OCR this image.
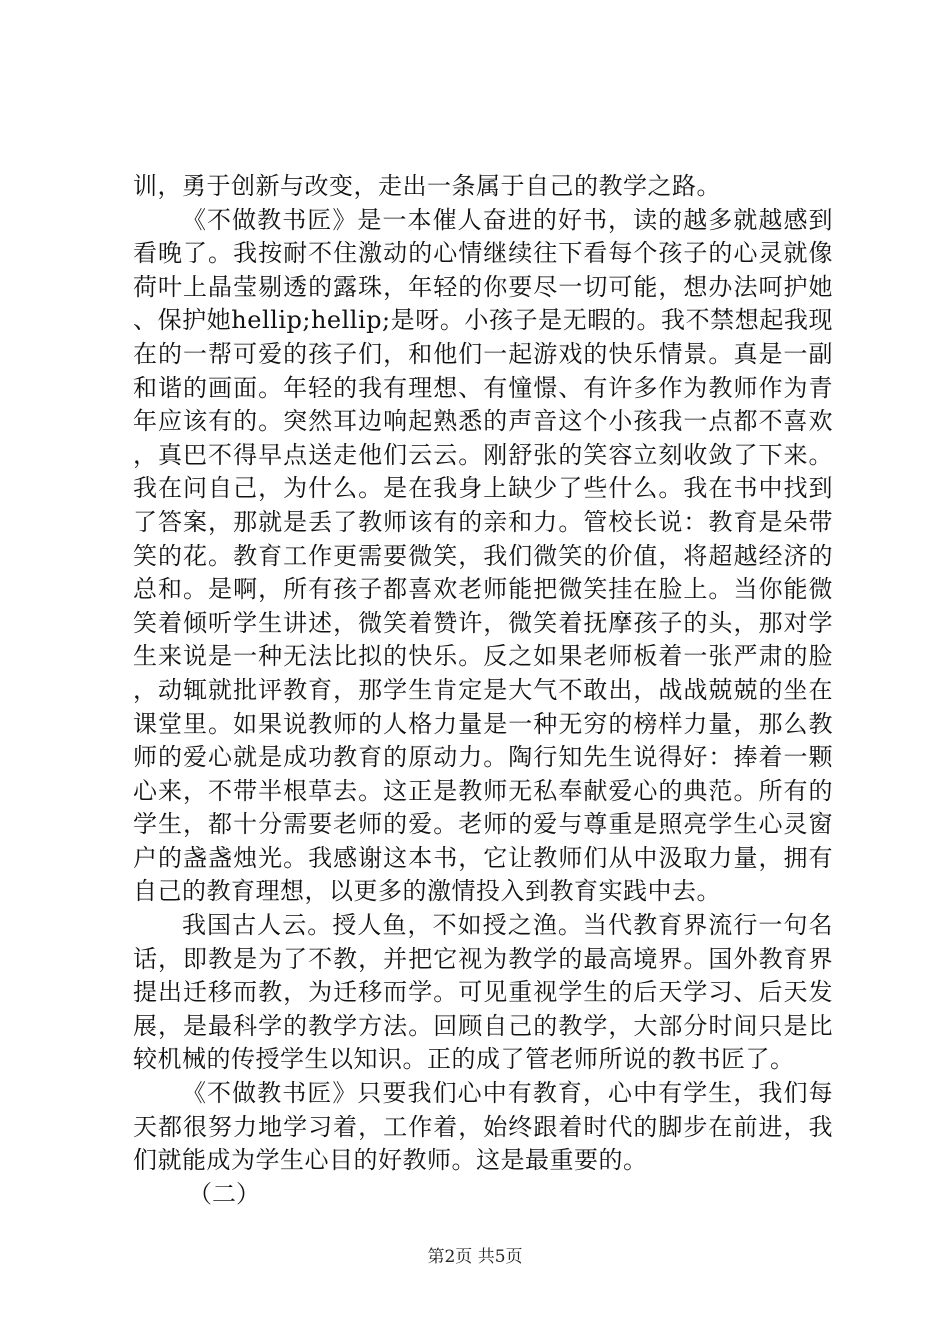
训，勇于创新与改变，走出一条属于自己的教学之路。

《不做教书匠》是一本催人奋进的好书，读的越多就越感到看晚了。我按耐不住激动的心情继续往下看每个孩子的心灵就像荷叶上晶莹剔透的露珠，年轻的你要尽一切可能，想办法呵护她、保护她hellip;hellip;是呀。小孩子是无暇的。我不禁想起我现在的一帮可爱的孩子们，和他们一起游戏的快乐情景。真是一副和谐的画面。年轻的我有理想、有憧憬、有许多作为教师作为青年应该有的。突然耳边响起熟悉的声音这个小孩我一点都不喜欢，真巴不得早点送走他们云云。刚舒张的笑容立刻收敛了下来。我在问自己，为什么。是在我身上缺少了些什么。我在书中找到了答案，那就是丢了教师该有的亲和力。管校长说：教育是朵带笑的花。教育工作更需要微笑，我们微笑的价值，将超越经济的总和。是啊，所有孩子都喜欢老师能把微笑挂在脸上。当你能微笑着倾听学生讲述，微笑着赞许，微笑着抚摩孩子的头，那对学生来说是一种无法比拟的快乐。反之如果老师板着一张严肃的脸，动辄就批评教育，那学生肯定是大气不敢出，战战兢兢的坐在课堂里。如果说教师的人格力量是一种无穷的榜样力量，那么教师的爱心就是成功教育的原动力。陶行知先生说得好：捧着一颗心来，不带半根草去。这正是教师无私奉献爱心的典范。所有的学生，都十分需要老师的爱。老师的爱与尊重是照亮学生心灵窗户的盏盏烛光。我感谢这本书，它让教师们从中汲取力量，拥有自己的教育理想，以更多的激情投入到教育实践中去。

我国古人云。授人鱼，不如授之渔。当代教育界流行一句名话，即教是为了不教，并把它视为教学的最高境界。国外教育界提出迁移而教，为迁移而学。可见重视学生的后天学习、后天发展，是最科学的教学方法。回顾自己的教学，大部分时间只是比较机械的传授学生以知识。正的成了管老师所说的教书匠了。

《不做教书匠》只要我们心中有教育，心中有学生，我们每天都很努力地学习着，工作着，始终跟着时代的脚步在前进，我们就能成为学生心目的好教师。这是最重要的。

（二）

第2页 共5页
